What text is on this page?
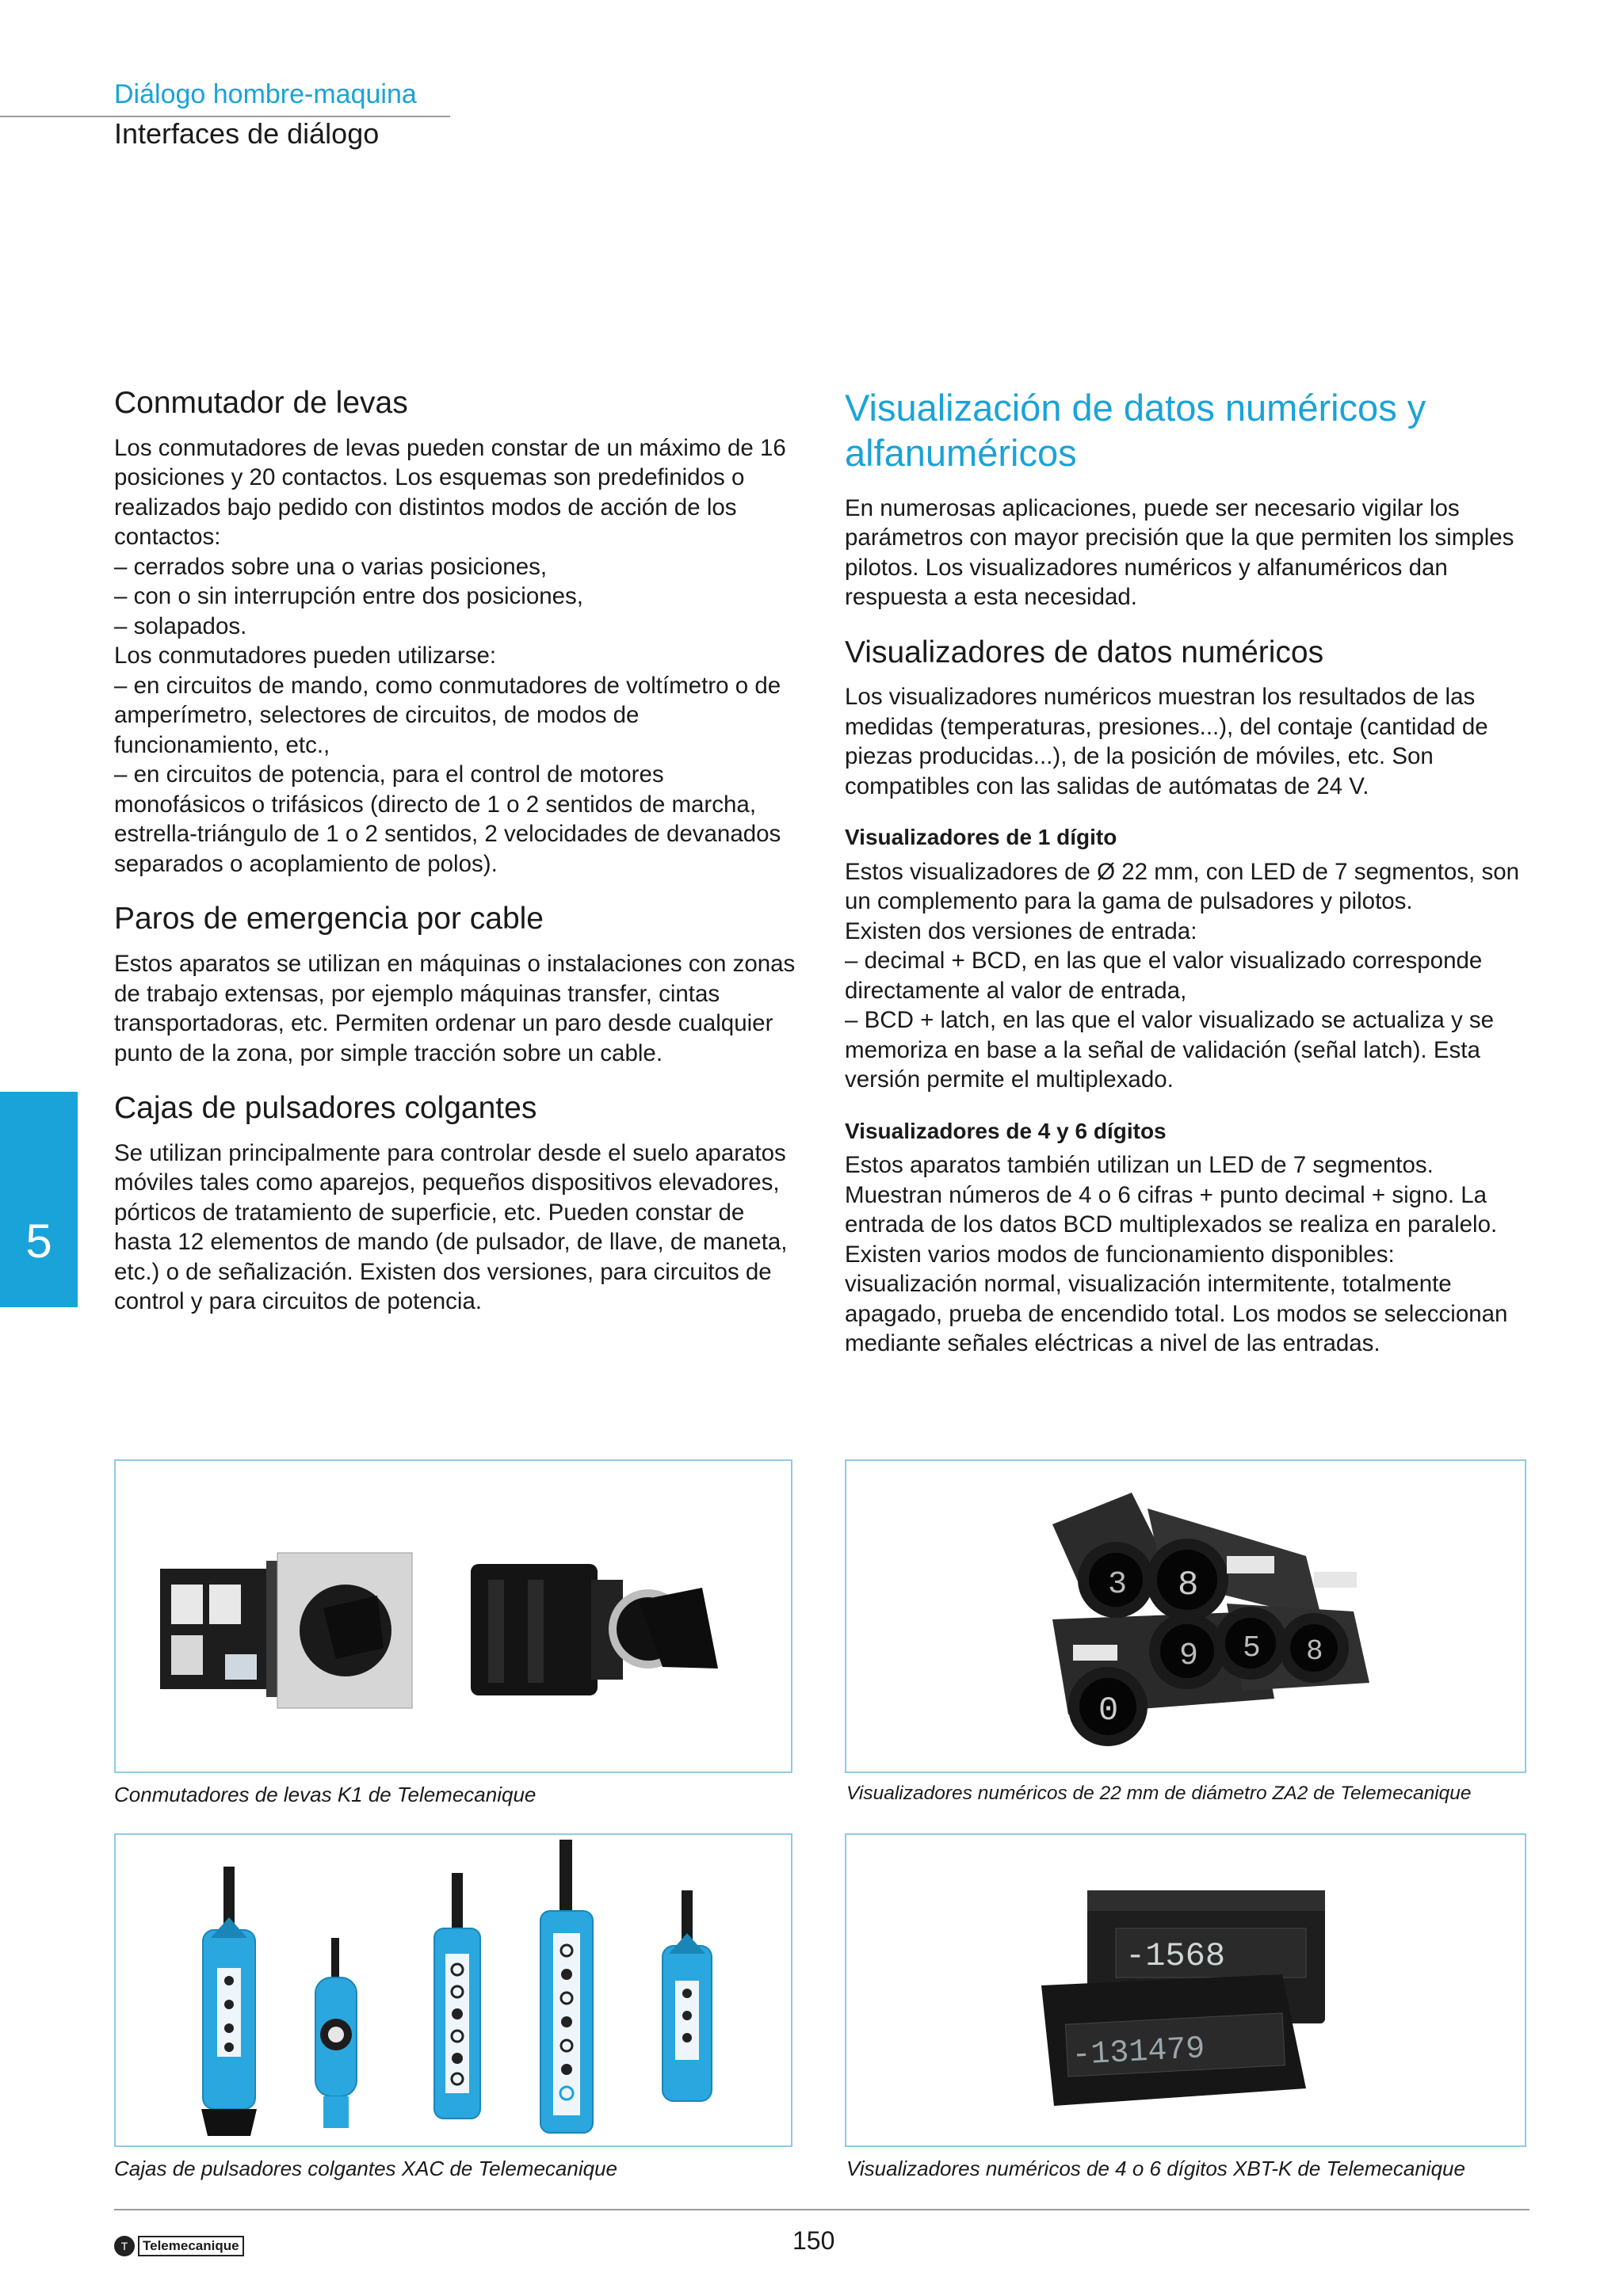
Diálogo hombre-maquina
Interfaces de diálogo
5
Conmutador de levas

Los conmutadores de levas pueden constar de un máximo de 16 posiciones y 20 contactos. Los esquemas son predefinidos o realizados bajo pedido con distintos modos de acción de los contactos:
– cerrados sobre una o varias posiciones,
– con o sin interrupción entre dos posiciones,
– solapados.
Los conmutadores pueden utilizarse:
– en circuitos de mando, como conmutadores de voltímetro o de amperímetro, selectores de circuitos, de modos de funcionamiento, etc.,
– en circuitos de potencia, para el control de motores monofásicos o trifásicos (directo de 1 o 2 sentidos de marcha, estrella-triángulo de 1 o 2 sentidos, 2 velocidades de devanados separados o acoplamiento de polos).

Paros de emergencia por cable

Estos aparatos se utilizan en máquinas o instalaciones con zonas de trabajo extensas, por ejemplo máquinas transfer, cintas transportadoras, etc. Permiten ordenar un paro desde cualquier punto de la zona, por simple tracción sobre un cable.

Cajas de pulsadores colgantes

Se utilizan principalmente para controlar desde el suelo aparatos móviles tales como aparejos, pequeños dispositivos elevadores, pórticos de tratamiento de superficie, etc. Pueden constar de hasta 12 elementos de mando (de pulsador, de llave, de maneta, etc.) o de señalización. Existen dos versiones, para circuitos de control y para circuitos de potencia.

Visualización de datos numéricos y alfanuméricos

En numerosas aplicaciones, puede ser necesario vigilar los parámetros con mayor precisión que la que permiten los simples pilotos. Los visualizadores numéricos y alfanuméricos dan respuesta a esta necesidad.

Visualizadores de datos numéricos

Los visualizadores numéricos muestran los resultados de las medidas (temperaturas, presiones...), del contaje (cantidad de piezas producidas...), de la posición de móviles, etc. Son compatibles con las salidas de autómatas de 24 V.

Visualizadores de 1 dígito

Estos visualizadores de Ø 22 mm, con LED de 7 segmentos, son un complemento para la gama de pulsadores y pilotos.
Existen dos versiones de entrada:
– decimal + BCD, en las que el valor visualizado corresponde directamente al valor de entrada,
– BCD + latch, en las que el valor visualizado se actualiza y se memoriza en base a la señal de validación (señal latch). Esta versión permite el multiplexado.

Visualizadores de 4 y 6 dígitos

Estos aparatos también utilizan un LED de 7 segmentos. Muestran números de 4 o 6 cifras + punto decimal + signo. La entrada de los datos BCD multiplexados se realiza en paralelo.
Existen varios modos de funcionamiento disponibles: visualización normal, visualización intermitente, totalmente apagado, prueba de encendido total. Los modos se seleccionan mediante señales eléctricas a nivel de las entradas.

Conmutadores de levas K1 de Telemecanique
3 8
9 5 8
0
Visualizadores numéricos de 22 mm de diámetro ZA2 de Telemecanique
Cajas de pulsadores colgantes XAC de Telemecanique
-1568
-131479
Visualizadores numéricos de 4 o 6 dígitos XBT-K de Telemecanique
T	Telemecanique	150
